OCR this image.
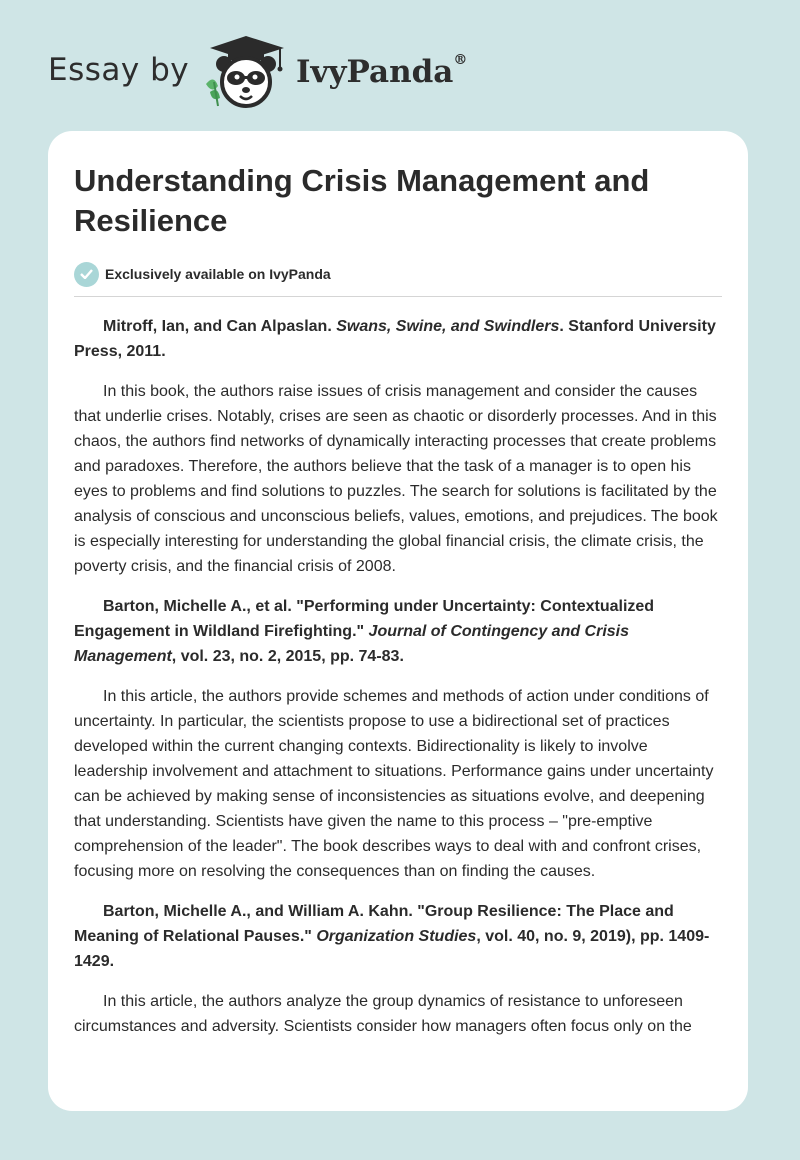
Essay by	IvyPanda®
Understanding Crisis Management and Resilience
Exclusively available on IvyPanda

Mitroff, Ian, and Can Alpaslan. Swans, Swine, and Swindlers. Stanford University Press, 2011.

In this book, the authors raise issues of crisis management and consider the causes that underlie crises. Notably, crises are seen as chaotic or disorderly processes. And in this chaos, the authors find networks of dynamically interacting processes that create problems and paradoxes. Therefore, the authors believe that the task of a manager is to open his eyes to problems and find solutions to puzzles. The search for solutions is facilitated by the analysis of conscious and unconscious beliefs, values, emotions, and prejudices. The book is especially interesting for understanding the global financial crisis, the climate crisis, the poverty crisis, and the financial crisis of 2008.

Barton, Michelle A., et al. "Performing under Uncertainty: Contextualized Engagement in Wildland Firefighting." Journal of Contingency and Crisis Management, vol. 23, no. 2, 2015, pp. 74-83.

In this article, the authors provide schemes and methods of action under conditions of uncertainty. In particular, the scientists propose to use a bidirectional set of practices developed within the current changing contexts. Bidirectionality is likely to involve leadership involvement and attachment to situations. Performance gains under uncertainty can be achieved by making sense of inconsistencies as situations evolve, and deepening that understanding. Scientists have given the name to this process – "pre-emptive comprehension of the leader". The book describes ways to deal with and confront crises, focusing more on resolving the consequences than on finding the causes.

Barton, Michelle A., and William A. Kahn. "Group Resilience: The Place and Meaning of Relational Pauses." Organization Studies, vol. 40, no. 9, 2019), pp. 1409-1429.

In this article, the authors analyze the group dynamics of resistance to unforeseen circumstances and adversity. Scientists consider how managers often focus only on the
